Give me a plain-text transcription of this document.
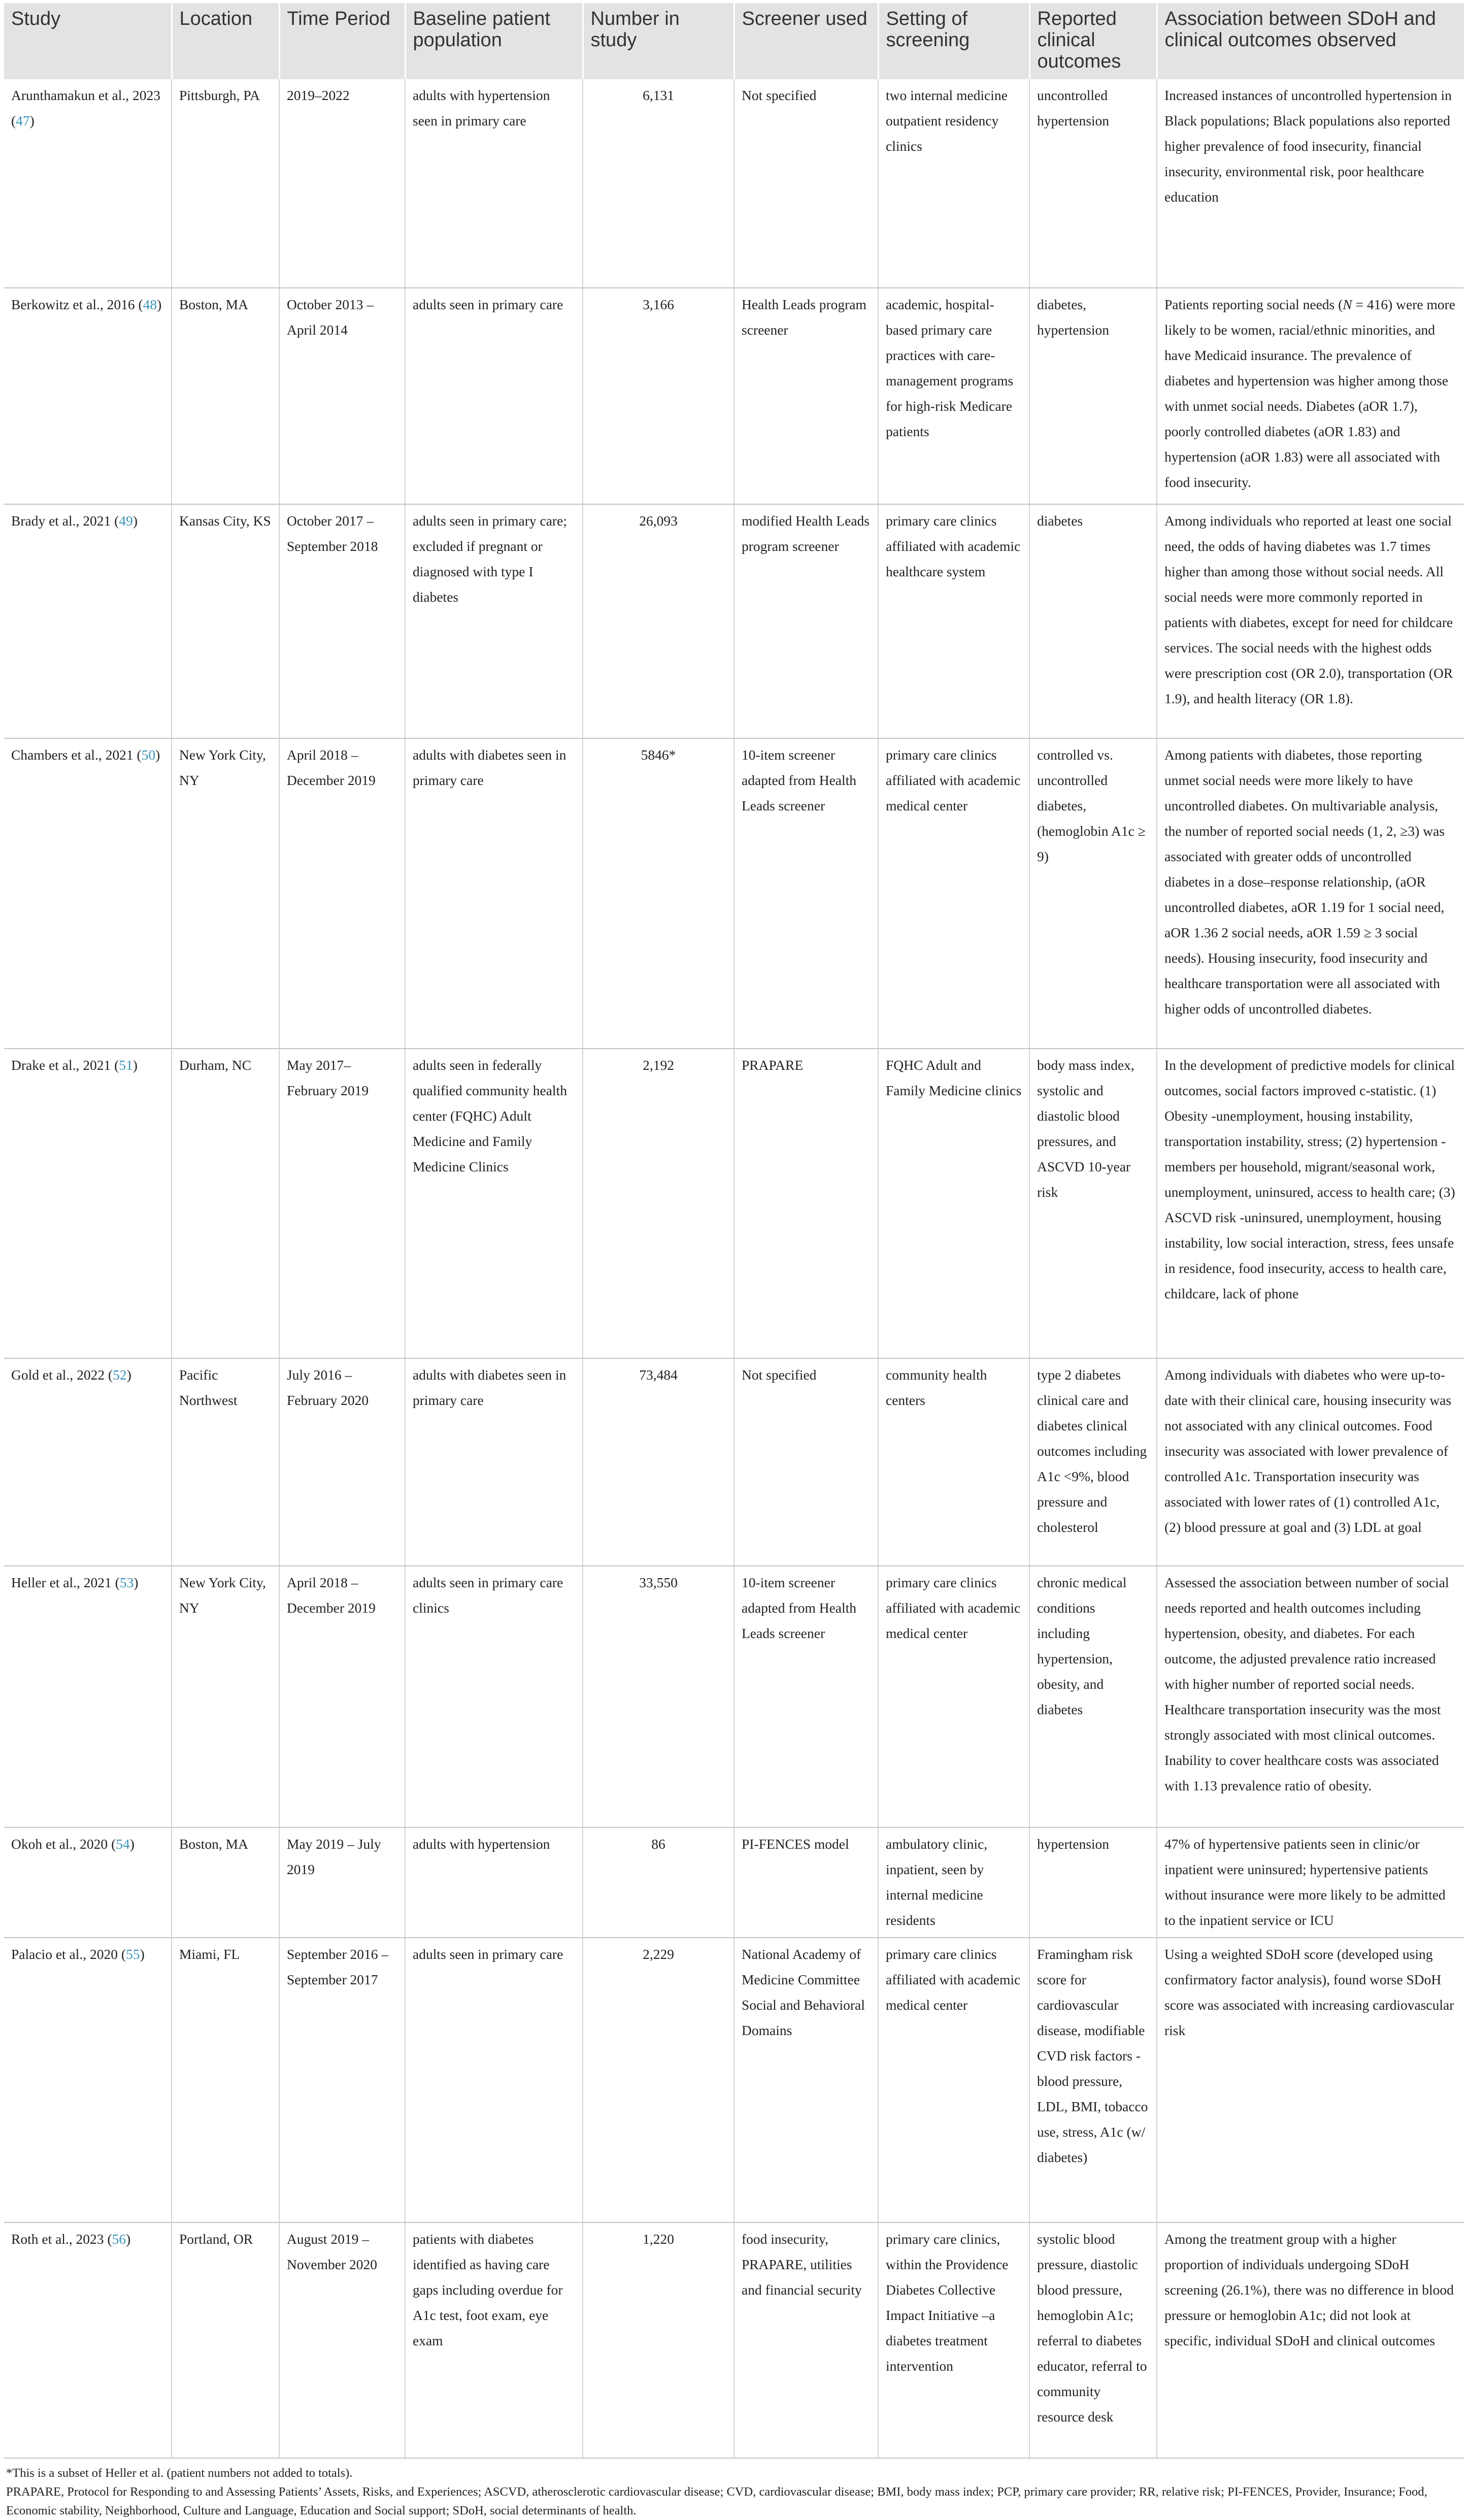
Study	Location	Time Period	Baseline patient population	Number in study	Screener used	Setting of screening	Reported clinical outcomes	Association between SDoH and clinical outcomes observed
Arunthamakun et al., 2023 (47)	Pittsburgh, PA	2019–2022	adults with hypertension seen in primary care	6,131	Not specified	two internal medicine outpatient residency clinics	uncontrolled hypertension	Increased instances of uncontrolled hypertension in Black populations; Black populations also reported higher prevalence of food insecurity, financial insecurity, environmental risk, poor healthcare education
Berkowitz et al., 2016 (48)	Boston, MA	October 2013 – April 2014	adults seen in primary care	3,166	Health Leads program screener	academic, hospital-based primary care practices with care-management programs for high-risk Medicare patients	diabetes, hypertension	Patients reporting social needs (N = 416) were more likely to be women, racial/ethnic minorities, and have Medicaid insurance. The prevalence of diabetes and hypertension was higher among those with unmet social needs. Diabetes (aOR 1.7), poorly controlled diabetes (aOR 1.83) and hypertension (aOR 1.83) were all associated with food insecurity.
Brady et al., 2021 (49)	Kansas City, KS	October 2017 – September 2018	adults seen in primary care; excluded if pregnant or diagnosed with type I diabetes	26,093	modified Health Leads program screener	primary care clinics affiliated with academic healthcare system	diabetes	Among individuals who reported at least one social need, the odds of having diabetes was 1.7 times higher than among those without social needs. All social needs were more commonly reported in patients with diabetes, except for need for childcare services. The social needs with the highest odds were prescription cost (OR 2.0), transportation (OR 1.9), and health literacy (OR 1.8).
Chambers et al., 2021 (50)	New York City, NY	April 2018 – December 2019	adults with diabetes seen in primary care	5846*	10-item screener adapted from Health Leads screener	primary care clinics affiliated with academic medical center	controlled vs. uncontrolled diabetes, (hemoglobin A1c ≥ 9)	Among patients with diabetes, those reporting unmet social needs were more likely to have uncontrolled diabetes. On multivariable analysis, the number of reported social needs (1, 2, ≥3) was associated with greater odds of uncontrolled diabetes in a dose–response relationship, (aOR uncontrolled diabetes, aOR 1.19 for 1 social need, aOR 1.36 2 social needs, aOR 1.59 ≥ 3 social needs). Housing insecurity, food insecurity and healthcare transportation were all associated with higher odds of uncontrolled diabetes.
Drake et al., 2021 (51)	Durham, NC	May 2017– February 2019	adults seen in federally qualified community health center (FQHC) Adult Medicine and Family Medicine Clinics	2,192	PRAPARE	FQHC Adult and Family Medicine clinics	body mass index, systolic and diastolic blood pressures, and ASCVD 10-year risk	In the development of predictive models for clinical outcomes, social factors improved c-statistic. (1) Obesity -unemployment, housing instability, transportation instability, stress; (2) hypertension -members per household, migrant/seasonal work, unemployment, uninsured, access to health care; (3) ASCVD risk -uninsured, unemployment, housing instability, low social interaction, stress, fees unsafe in residence, food insecurity, access to health care, childcare, lack of phone
Gold et al., 2022 (52)	Pacific Northwest	July 2016 – February 2020	adults with diabetes seen in primary care	73,484	Not specified	community health centers	type 2 diabetes clinical care and diabetes clinical outcomes including A1c <9%, blood pressure and cholesterol	Among individuals with diabetes who were up-to-date with their clinical care, housing insecurity was not associated with any clinical outcomes. Food insecurity was associated with lower prevalence of controlled A1c. Transportation insecurity was associated with lower rates of (1) controlled A1c, (2) blood pressure at goal and (3) LDL at goal
Heller et al., 2021 (53)	New York City, NY	April 2018 – December 2019	adults seen in primary care clinics	33,550	10-item screener adapted from Health Leads screener	primary care clinics affiliated with academic medical center	chronic medical conditions including hypertension, obesity, and diabetes	Assessed the association between number of social needs reported and health outcomes including hypertension, obesity, and diabetes. For each outcome, the adjusted prevalence ratio increased with higher number of reported social needs. Healthcare transportation insecurity was the most strongly associated with most clinical outcomes. Inability to cover healthcare costs was associated with 1.13 prevalence ratio of obesity.
Okoh et al., 2020 (54)	Boston, MA	May 2019 – July 2019	adults with hypertension	86	PI-FENCES model	ambulatory clinic, inpatient, seen by internal medicine residents	hypertension	47% of hypertensive patients seen in clinic/or inpatient were uninsured; hypertensive patients without insurance were more likely to be admitted to the inpatient service or ICU
Palacio et al., 2020 (55)	Miami, FL	September 2016 – September 2017	adults seen in primary care	2,229	National Academy of Medicine Committee Social and Behavioral Domains	primary care clinics affiliated with academic medical center	Framingham risk score for cardiovascular disease, modifiable CVD risk factors -blood pressure, LDL, BMI, tobacco use, stress, A1c (w/ diabetes)	Using a weighted SDoH score (developed using confirmatory factor analysis), found worse SDoH score was associated with increasing cardiovascular risk
Roth et al., 2023 (56)	Portland, OR	August 2019 –November 2020	patients with diabetes identified as having care gaps including overdue for A1c test, foot exam, eye exam	1,220	food insecurity, PRAPARE, utilities and financial security	primary care clinics, within the Providence Diabetes Collective Impact Initiative –a diabetes treatment intervention	systolic blood pressure, diastolic blood pressure, hemoglobin A1c; referral to diabetes educator, referral to community resource desk	Among the treatment group with a higher proportion of individuals undergoing SDoH screening (26.1%), there was no difference in blood pressure or hemoglobin A1c; did not look at specific, individual SDoH and clinical outcomes

*This is a subset of Heller et al. (patient numbers not added to totals).

PRAPARE, Protocol for Responding to and Assessing Patients’ Assets, Risks, and Experiences; ASCVD, atherosclerotic cardiovascular disease; CVD, cardiovascular disease; BMI, body mass index; PCP, primary care provider; RR, relative risk; PI-FENCES, Provider, Insurance; Food, Economic stability, Neighborhood, Culture and Language, Education and Social support; SDoH, social determinants of health.
